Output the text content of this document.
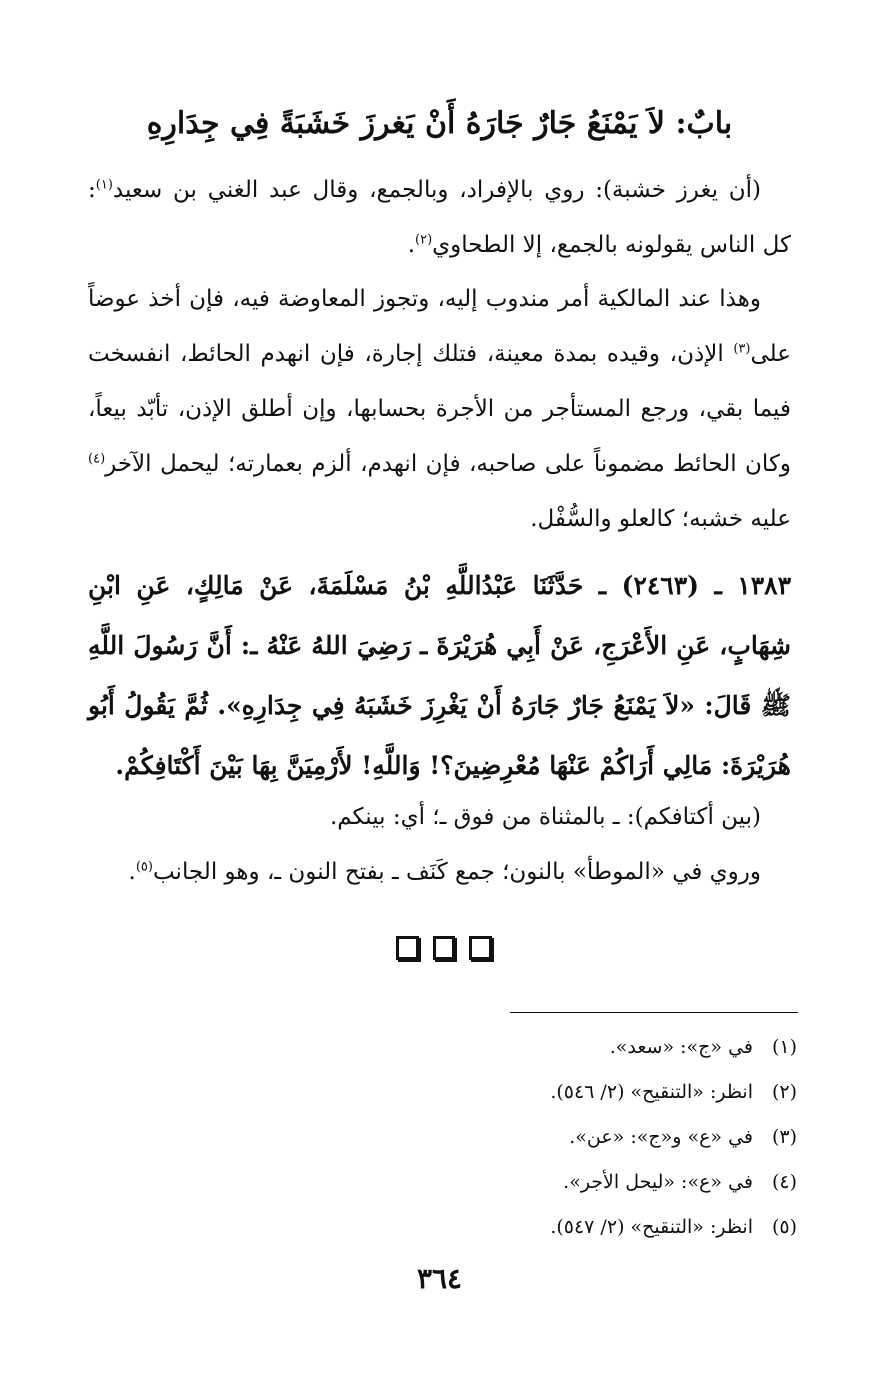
بابٌ: لاَ يَمْنَعُ جَارٌ جَارَهُ أَنْ يَغرزَ خَشَبَةً فِي جِدَارِهِ
(أن يغرز خشبة): روي بالإفراد، وبالجمع، وقال عبد الغني بن سعيد$^{(١)}$: كل الناس يقولونه بالجمع، إلا الطحاوي$^{(٢)}$.
وهذا عند المالكية أمر مندوب إليه، وتجوز المعاوضة فيه، فإن أخذ عوضاً على$^{(٣)}$ الإذن، وقيده بمدة معينة، فتلك إجارة، فإن انهدم الحائط، انفسخت فيما بقي، ورجع المستأجر من الأجرة بحسابها، وإن أطلق الإذن، تأبّد بيعاً، وكان الحائط مضموناً على صاحبه، فإن انهدم، ألزم بعمارته؛ ليحمل الآخر$^{(٤)}$ عليه خشبه؛ كالعلو والسُّفْل.
١٣٨٣ ـ (٢٤٦٣) ـ حَدَّثَنَا عَبْدُاللَّهِ بْنُ مَسْلَمَةَ، عَنْ مَالِكٍ، عَنِ ابْنِ شِهَابٍ، عَنِ الأَعْرَجِ، عَنْ أَبِي هُرَيْرَةَ ـ رَضِيَ اللهُ عَنْهُ ـ: أَنَّ رَسُولَ اللَّهِ ﷺ قَالَ: «لاَ يَمْنَعُ جَارٌ جَارَهُ أَنْ يَغْرِزَ خَشَبَهُ فِي جِدَارِهِ». ثُمَّ يَقُولُ أَبُو هُرَيْرَةَ: مَالِي أَرَاكُمْ عَنْهَا مُعْرِضِينَ؟! وَاللَّهِ! لأَرْمِيَنَّ بِهَا بَيْنَ أَكْتَافِكُمْ.
(بين أكتافكم): ـ بالمثناة من فوق ـ؛ أي: بينكم.
وروي في «الموطأ» بالنون؛ جمع كَنَف ـ بفتح النون ـ، وهو الجانب$^{(٥)}$.
(١)في «ج»: «سعد».
(٢)انظر: «التنقيح» (٢/ ٥٤٦).
(٣)في «ع» و«ج»: «عن».
(٤)في «ع»: «ليحل الأجر».
(٥)انظر: «التنقيح» (٢/ ٥٤٧).
٣٦٤
